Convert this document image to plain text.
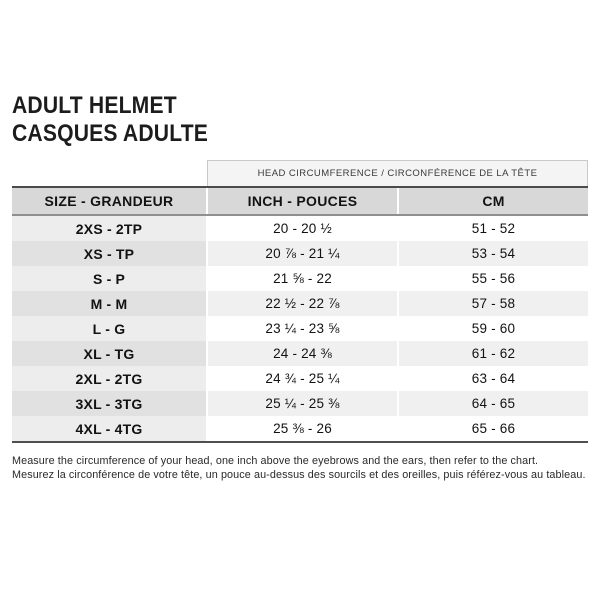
ADULT HELMET
CASQUES ADULTE
HEAD CIRCUMFERENCE / CIRCONFÉRENCE DE LA TÊTE
SIZE - GRANDEUR	INCH - POUCES	CM
2XS - 2TP	20 - 20 ½	51 - 52
XS - TP	20 ⅞ - 21 ¼	53 - 54
S - P	21 ⅝ - 22	55 - 56
M - M	22 ½ - 22 ⅞	57 - 58
L - G	23 ¼ - 23 ⅝	59 - 60
XL - TG	24 - 24 ⅜	61 - 62
2XL - 2TG	24 ¾ - 25 ¼	63 - 64
3XL - 3TG	25 ¼ - 25 ⅜	64 - 65
4XL - 4TG	25 ⅜ - 26	65 - 66

Measure the circumference of your head, one inch above the eyebrows and the ears, then refer to the chart.
Mesurez la circonférence de votre tête, un pouce au-dessus des sourcils et des oreilles, puis référez-vous au tableau.
